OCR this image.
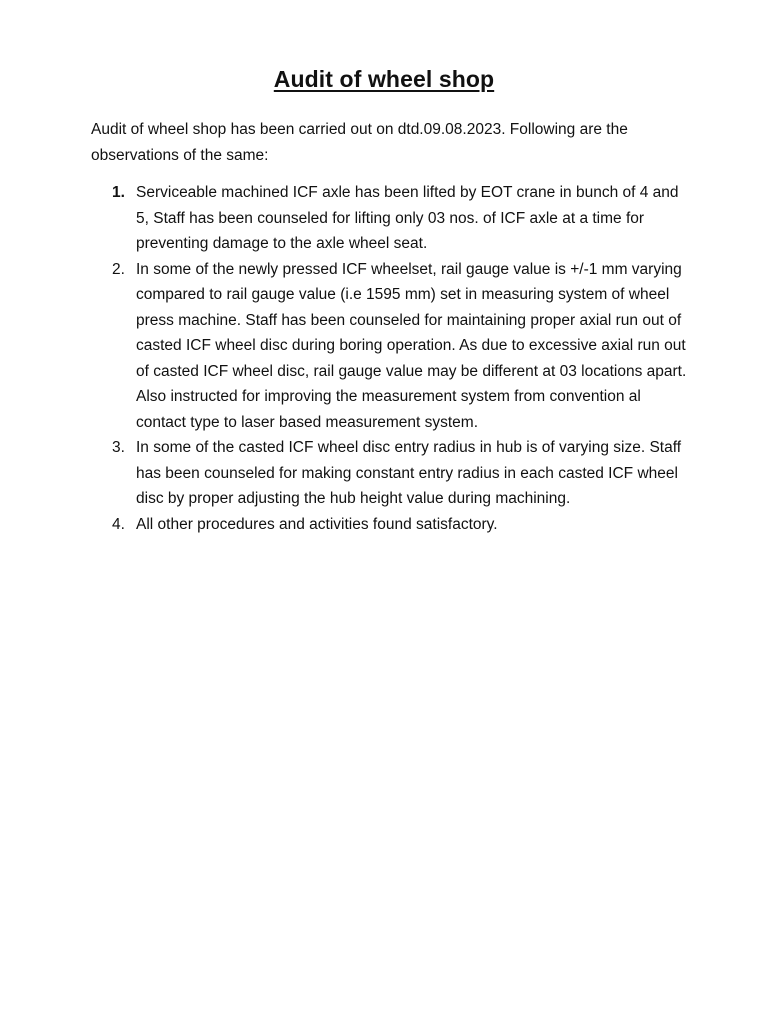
Audit of wheel shop
Audit of wheel shop has been carried out on dtd.09.08.2023. Following are the observations of the same:
1. Serviceable machined ICF axle has been lifted by EOT crane in bunch of 4 and 5, Staff has been counseled for lifting only 03 nos. of ICF axle at a time for preventing damage to the axle wheel seat.
2. In some of the newly pressed ICF wheelset, rail gauge value is +/-1 mm varying compared to rail gauge value (i.e 1595 mm) set in measuring system of wheel press machine. Staff has been counseled for maintaining proper axial run out of casted ICF wheel disc during boring operation. As due to excessive axial run out of casted ICF wheel disc, rail gauge value may be different at 03 locations apart. Also instructed for improving the measurement system from convention al contact type to laser based measurement system.
3. In some of the casted ICF wheel disc entry radius in hub is of varying size. Staff has been counseled for making constant entry radius in each casted ICF wheel disc by proper adjusting the hub height value during machining.
4. All other procedures and activities found satisfactory.
